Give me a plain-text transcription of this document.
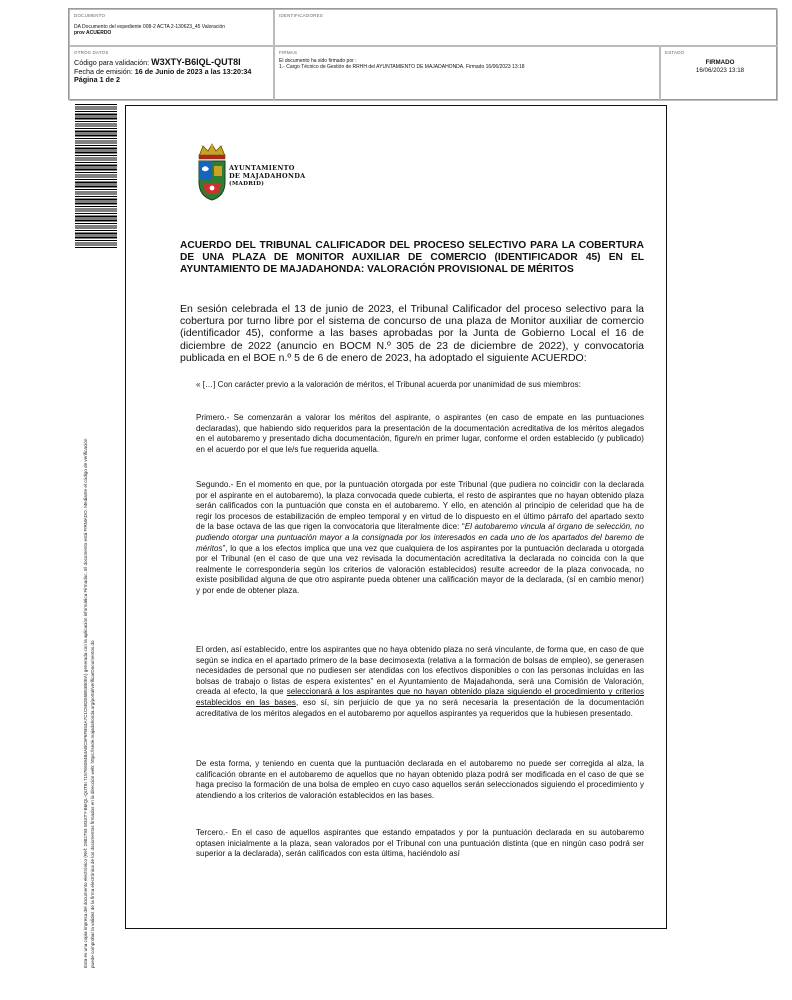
DOCUMENTO
DA Documento del expediente 008-2 ACTA 2-130623_45 Valoración
prov ACUERDO
IDENTIFICADORES
OTROS DATOS
Código para validación: W3XTY-B6IQL-QUT8I
Fecha de emisión: 16 de Junio de 2023 a las 13:20:34
Página 1 de 2
FIRMAS
El documento ha sido firmado por :
1.- Cargo Técnico de Gestión de RRHH del AYUNTAMIENTO DE MAJADAHONDA. Firmado 16/06/2023 13:18
ESTADO
FIRMADO
16/06/2023 13:18
Esta es una copia impresa del documento electrónico (Ref: 2982793 W3XTY-B6IQL-QUT8I 7157E6094B4ABC5F6FB53A7C1C5B2E6B53B0EA) generada con la aplicación informática Firmadoc. El documento está FIRMADO. Mediante el código de verificación puede comprobar la validez de la firma electrónica de los documentos firmados en la dirección web: https://sede.majadahonda.org/portal/verificarDocumentos.do
AYUNTAMIENTO
DE MAJADAHONDA
(MADRID)
ACUERDO DEL TRIBUNAL CALIFICADOR DEL PROCESO SELECTIVO PARA LA COBERTURA DE UNA PLAZA DE MONITOR AUXILIAR DE COMERCIO (IDENTIFICADOR 45) EN EL AYUNTAMIENTO DE MAJADAHONDA: VALORACIÓN PROVISIONAL DE MÉRITOS
En sesión celebrada el 13 de junio de 2023, el Tribunal Calificador del proceso selectivo para la cobertura por turno libre por el sistema de concurso de una plaza de Monitor auxiliar de comercio (identificador 45), conforme a las bases aprobadas por la Junta de Gobierno Local el 16 de diciembre de 2022 (anuncio en BOCM N.º 305 de 23 de diciembre de 2022), y convocatoria publicada en el BOE n.º 5 de 6 de enero de 2023, ha adoptado el siguiente ACUERDO:
« […] Con carácter previo a la valoración de méritos, el Tribunal acuerda por unanimidad de sus miembros:
Primero.- Se comenzarán a valorar los méritos del aspirante, o aspirantes (en caso de empate en las puntuaciones declaradas), que habiendo sido requeridos para la presentación de la documentación acreditativa de los méritos alegados en el autobaremo y presentado dicha documentación, figure/n en primer lugar, conforme el orden establecido (y publicado) en el acuerdo por el que le/s fue requerida aquella.
Segundo.- En el momento en que, por la puntuación otorgada por este Tribunal (que pudiera no coincidir con la declarada por el aspirante en el autobaremo), la plaza convocada quede cubierta, el resto de aspirantes que no hayan obtenido plaza serán calificados con la puntuación que consta en el autobaremo. Y ello, en atención al principio de celeridad que ha de regir los procesos de estabilización de empleo temporal y en virtud de lo dispuesto en el último párrafo del apartado sexto de la base octava de las que rigen la convocatoria que literalmente dice: “El autobaremo vincula al órgano de selección, no pudiendo otorgar una puntuación mayor a la consignada por los interesados en cada uno de los apartados del baremo de méritos”, lo que a los efectos implica que una vez que cualquiera de los aspirantes por la puntuación declarada u otorgada por el Tribunal (en el caso de que una vez revisada la documentación acreditativa la declarada no coincida con la que realmente le corresponderia según los criterios de valoración establecidos) resulte acreedor de la plaza convocada, no existe posibilidad alguna de que otro aspirante pueda obtener una calificación mayor de la declarada, (sí en cambio menor) y por ende de obtener plaza.
El orden, así establecido, entre los aspirantes que no haya obtenido plaza no será vinculante, de forma que, en caso de que según se indica en el apartado primero de la base decimosexta (relativa a la formación de bolsas de empleo), se generasen necesidades de personal que no pudiesen ser atendidas con los efectivos disponibles o con las personas incluidas en las bolsas de trabajo o listas de espera existentes” en el Ayuntamiento de Majadahonda, será una Comisión de Valoración, creada al efecto, la que seleccionará a los aspirantes que no hayan obtenido plaza siguiendo el procedimiento y criterios establecidos en las bases, eso sí, sin perjuicio de que ya no será necesaria la presentación de la documentación acreditativa de los méritos alegados en el autobaremo por aquellos aspirantes ya requeridos que la hubiesen presentado.
De esta forma, y teniendo en cuenta que la puntuación declarada en el autobaremo no puede ser corregida al alza, la calificación obrante en el autobaremo de aquellos que no hayan obtenido plaza podrá ser modificada en el caso de que se haga preciso la formación de una bolsa de empleo en cuyo caso aquellos serán seleccionados siguiendo el procedimiento y atendiendo a los criterios de valoración establecidos en las bases.
Tercero.- En el caso de aquellos aspirantes que estando empatados y por la puntuación declarada en su autobaremo optasen inicialmente a la plaza, sean valorados por el Tribunal con una puntuación distinta (que en ningún caso podrá ser superior a la declarada), serán calificados con esta última, haciéndolo así
